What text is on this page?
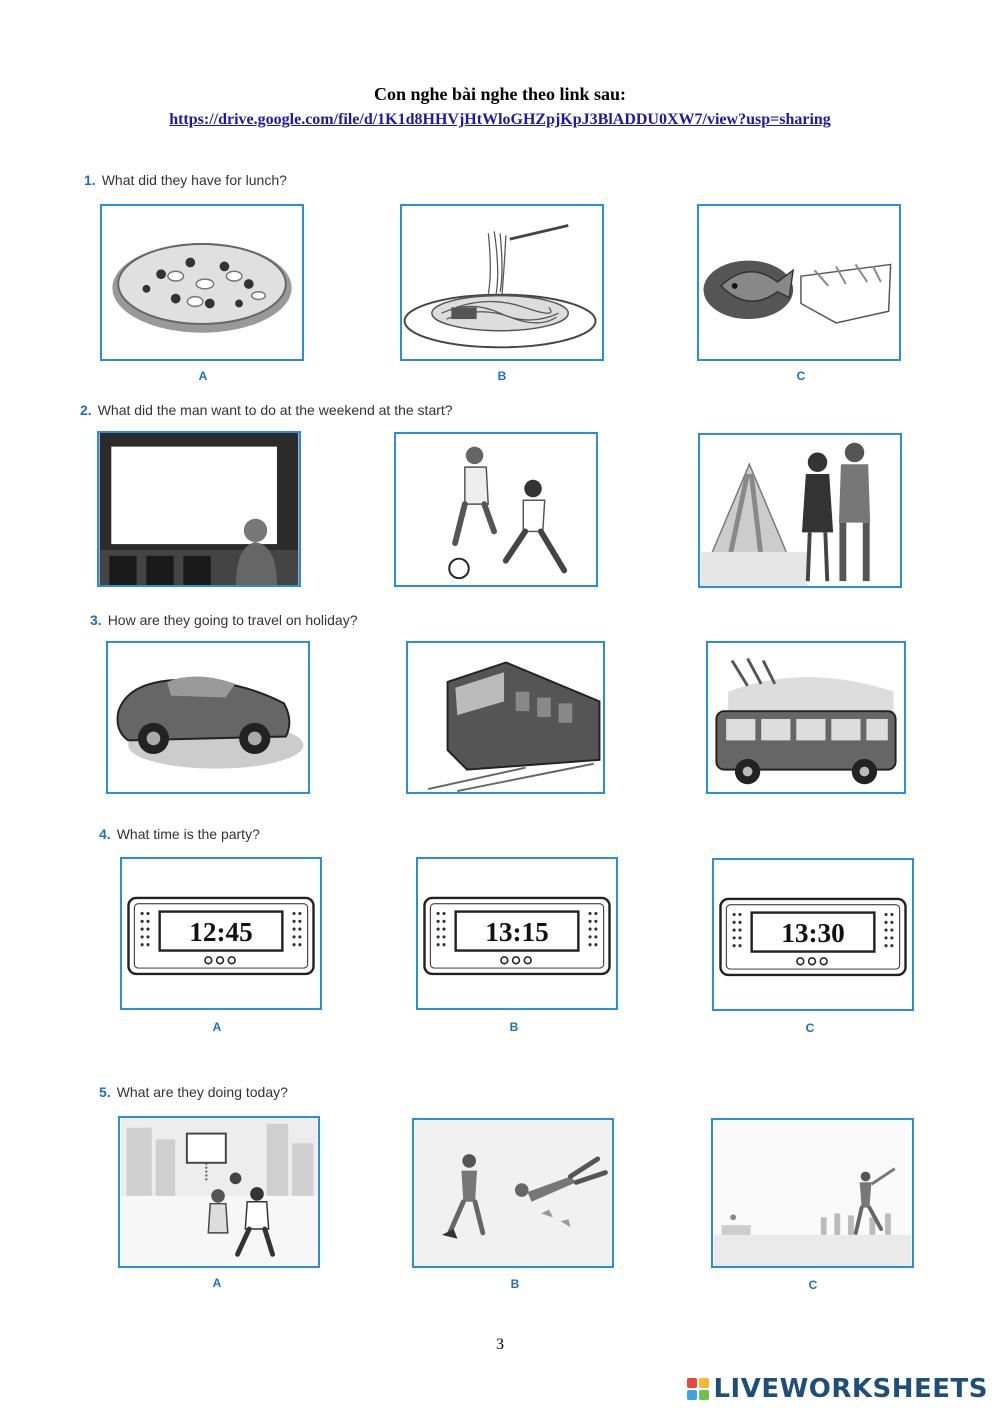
Con nghe bài nghe theo link sau:
https://drive.google.com/file/d/1K1d8HHVjHtWloGHZpjKpJ3BlADDU0XW7/view?usp=sharing
1. What did they have for lunch?
A	B	C
2. What did the man want to do at the weekend at the start?
3. How are they going to travel on holiday?
4. What time is the party?
12:45	13:15	13:30
A	B	C
5. What are they doing today?
A	B	C
3
LIVEWORKSHEETS
